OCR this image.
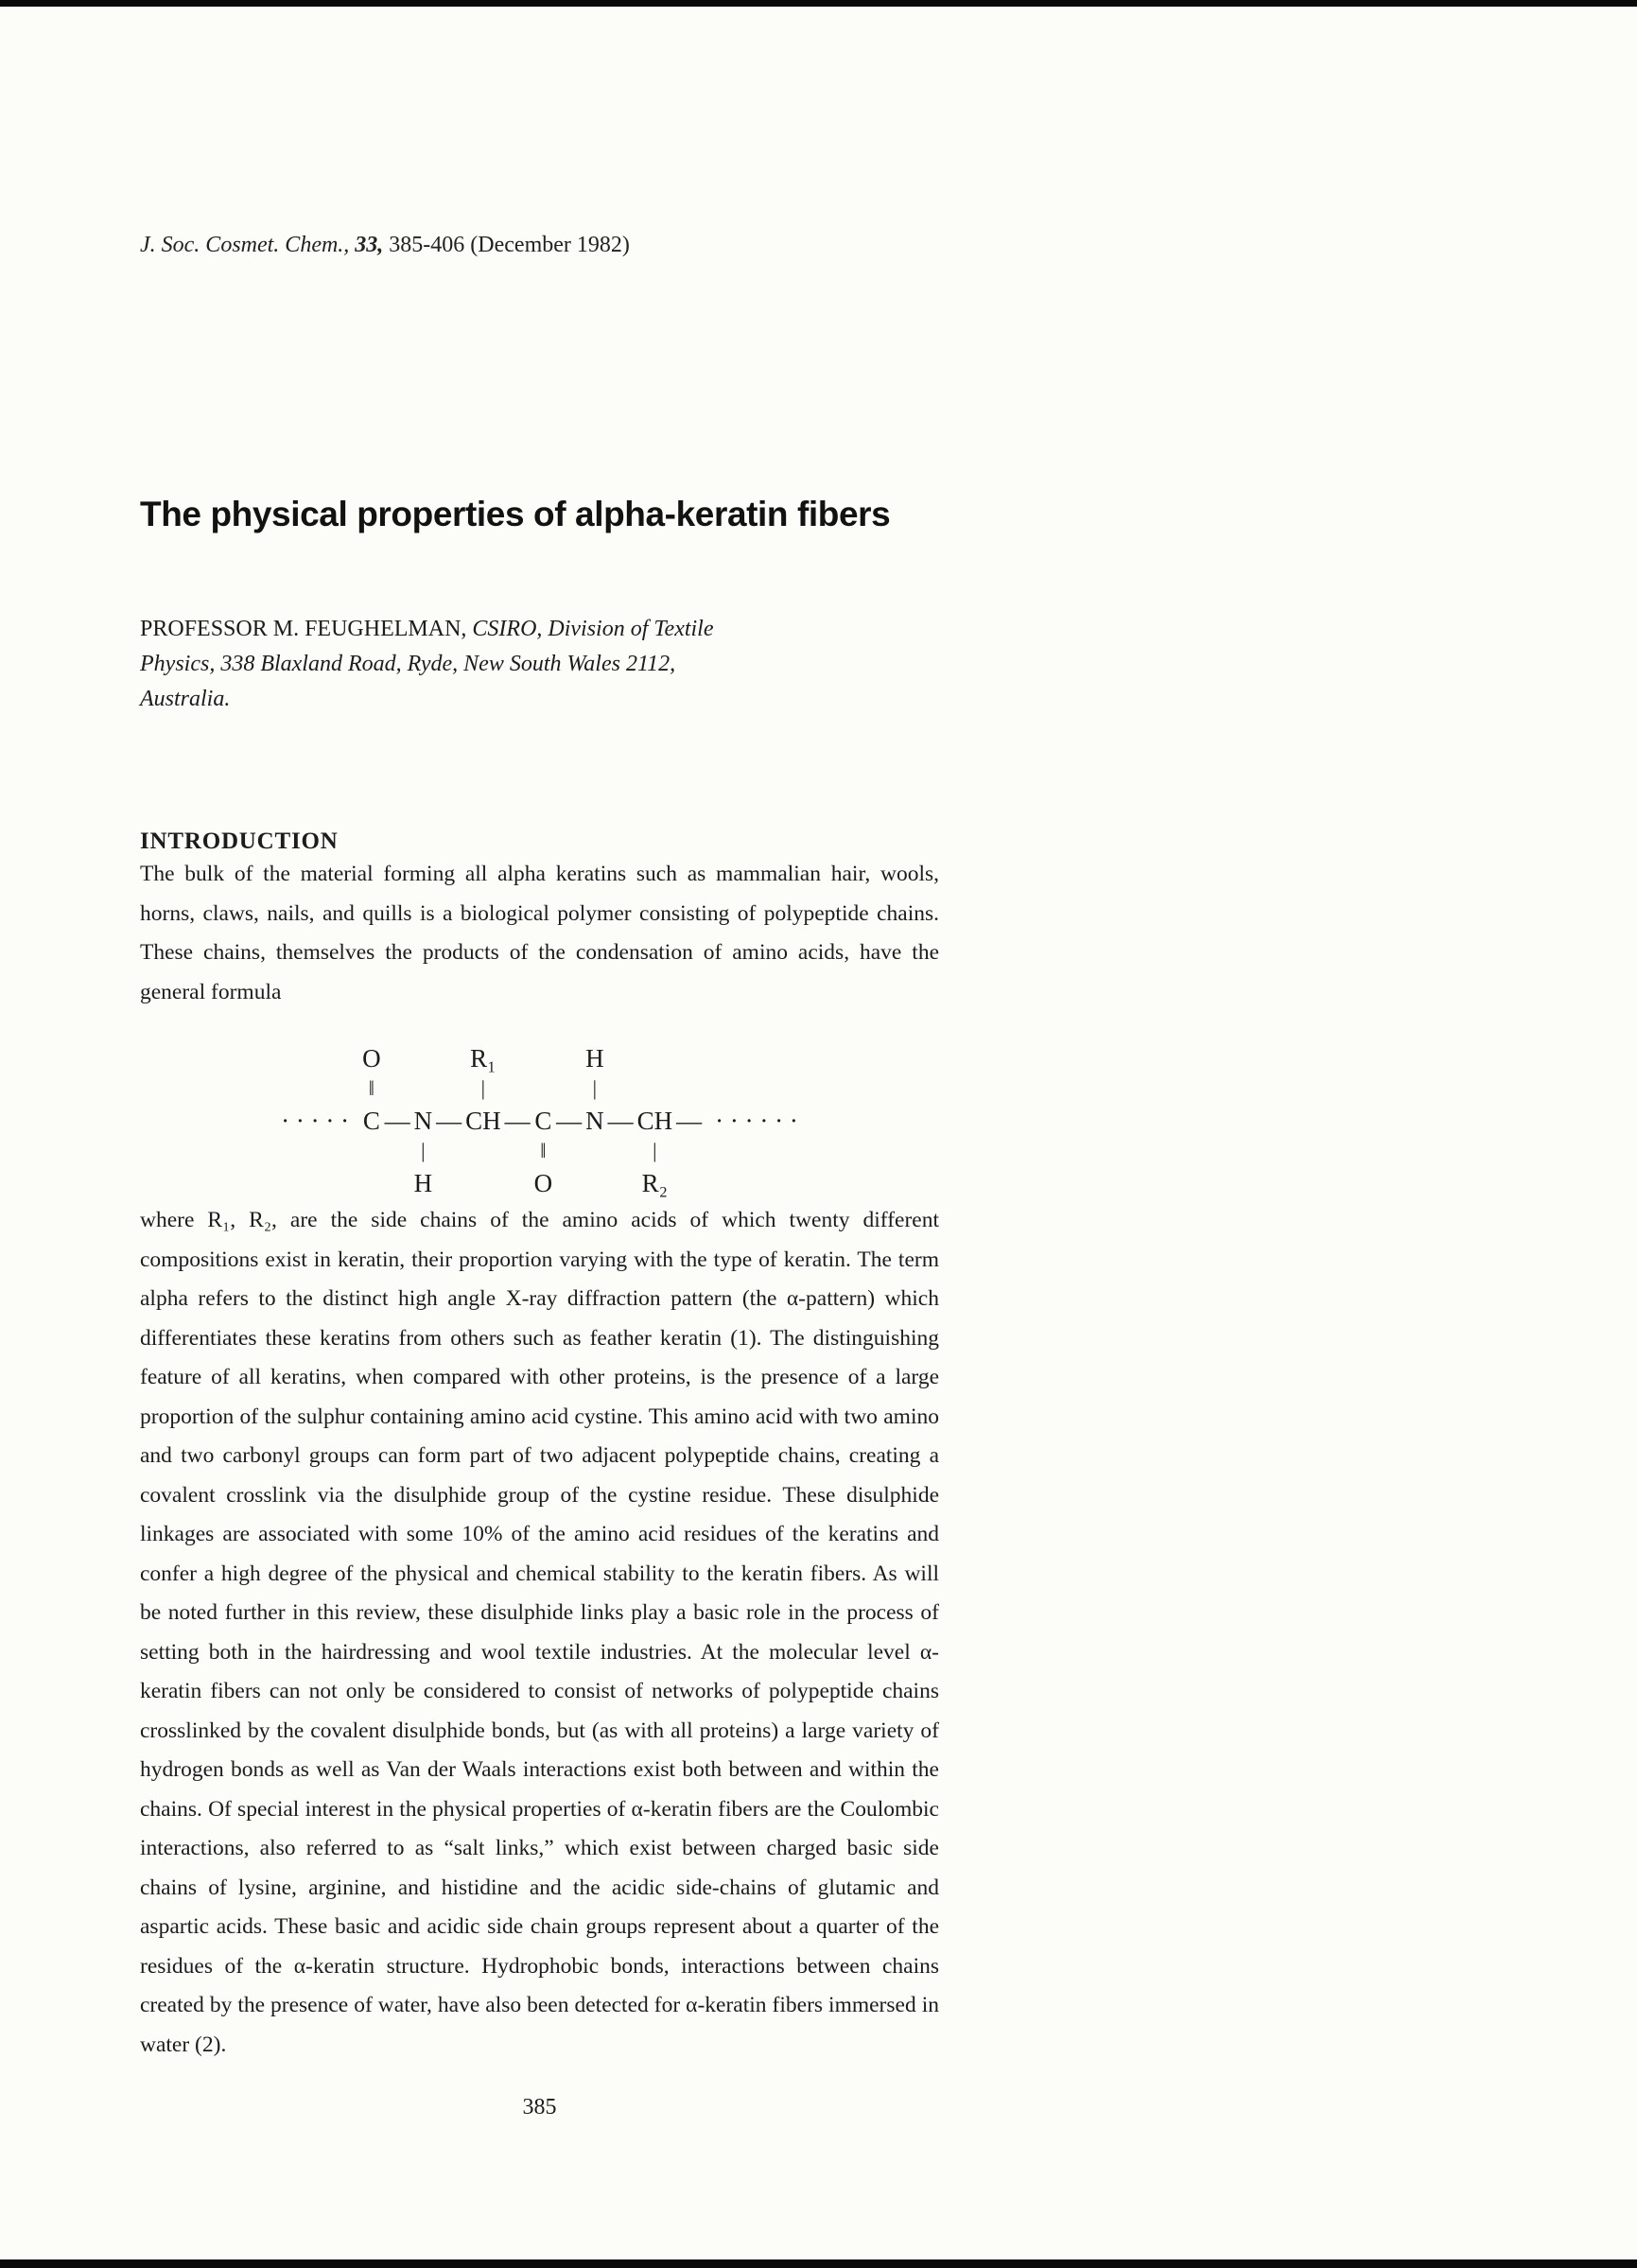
J. Soc. Cosmet. Chem., 33, 385-406 (December 1982)
The physical properties of alpha-keratin fibers
PROFESSOR M. FEUGHELMAN, CSIRO, Division of Textile Physics, 338 Blaxland Road, Ryde, New South Wales 2112, Australia.
INTRODUCTION

The bulk of the material forming all alpha keratins such as mammalian hair, wools, horns, claws, nails, and quills is a biological polymer consisting of polypeptide chains. These chains, themselves the products of the condensation of amino acids, have the general formula

· · · · ·
O
‖
C — N
|
H
—
R₁
|
CH — C
‖
O
—
H
|
N — CH
|
R₂
— · · · · · ·

where R₁, R₂, are the side chains of the amino acids of which twenty different compositions exist in keratin, their proportion varying with the type of keratin. The term alpha refers to the distinct high angle X-ray diffraction pattern (the α-pattern) which differentiates these keratins from others such as feather keratin (1). The distinguishing feature of all keratins, when compared with other proteins, is the presence of a large proportion of the sulphur containing amino acid cystine. This amino acid with two amino and two carbonyl groups can form part of two adjacent polypeptide chains, creating a covalent crosslink via the disulphide group of the cystine residue. These disulphide linkages are associated with some 10% of the amino acid residues of the keratins and confer a high degree of the physical and chemical stability to the keratin fibers. As will be noted further in this review, these disulphide links play a basic role in the process of setting both in the hairdressing and wool textile industries. At the molecular level α-keratin fibers can not only be considered to consist of networks of polypeptide chains crosslinked by the covalent disulphide bonds, but (as with all proteins) a large variety of hydrogen bonds as well as Van der Waals interactions exist both between and within the chains. Of special interest in the physical properties of α-keratin fibers are the Coulombic interactions, also referred to as “salt links,” which exist between charged basic side chains of lysine, arginine, and histidine and the acidic side-chains of glutamic and aspartic acids. These basic and acidic side chain groups represent about a quarter of the residues of the α-keratin structure. Hydrophobic bonds, interactions between chains created by the presence of water, have also been detected for α-keratin fibers immersed in water (2).

385
